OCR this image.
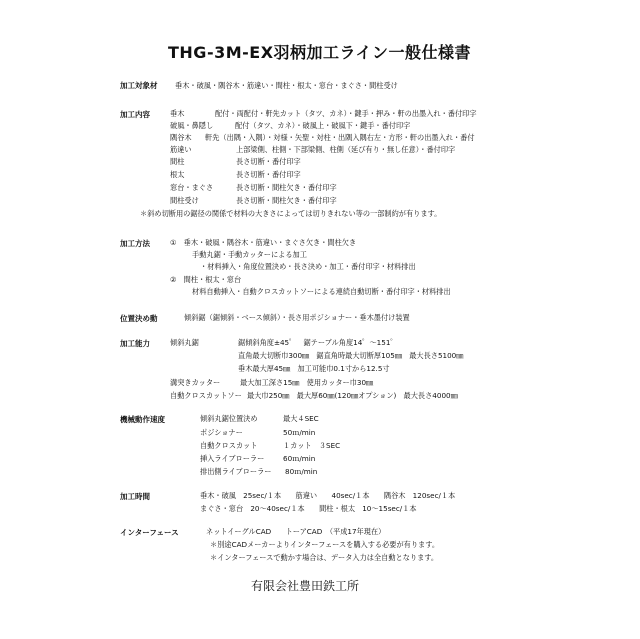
THG-3M-EX羽柄加工ライン一般仕様書
加工対象材 垂木・破風・隅谷木・筋違い・間柱・根太・窓台・まぐさ・間柱受け
加工内容	垂木	配付・両配付・軒先カット（タツ、カネ）・鍵手・押み・軒の出墨入れ・番付印字
破風・鼻隠し	配付（タツ、カネ）・破風上・破風下・鍵手・番付印字
隅谷木 軒先（出隅・入隅）・対様・矢聖・対柱・出隅入隅右左・方形・軒の出墨入れ・番付
筋違い	上部梁側、柱側・下部梁側、柱側（延び有り・無し任意）・番付印字
間柱	長さ切断・番付印字
根太	長さ切断・番付印字
窓台・まぐさ	長さ切断・間柱欠き・番付印字
間柱受け	長さ切断・間柱欠き・番付印字
＊斜め切断用の鋸径の関係で材料の大きさによっては切りきれない等の一部制約が有ります。
加工方法	①　垂木・破風・隅谷木・筋違い・まぐさ欠き・間柱欠き
手動丸鋸・手動カッターによる加工
・材料挿入・角度位置決め・長さ決め・加工・番付印字・材料排出
②　間柱・根太・窓台
材料自動挿入・自動クロスカットソーによる連続自動切断・番付印字・材料排出
位置決め動	傾斜鋸（鋸傾斜・ベース傾斜）・長さ用ポジショナー・垂木墨付け装置
加工能力	傾斜丸鋸	鋸傾斜角度±45゜　鋸テーブル角度14゜～151゜
直角最大切断巾300㎜　鋸直角時最大切断厚105㎜　最大長さ5100㎜
垂木最大厚45㎜　加工可能巾0.1寸から12.5寸
溝突きカッター	最大加工深さ15㎜　使用カッター巾30㎜
自動クロスカットソー 最大巾250㎜　最大厚60㎜(120㎜オプション)　最大長さ4000㎜
機械動作速度	傾斜丸鋸位置決め	最大４SEC
ポジショナー	50ｍ/min
自動クロスカット	１カット　３SEC
挿入ライブローラー	60ｍ/min
排出側ライブローラー 80ｍ/min
加工時間	垂木・破風　25sec/１本　　筋違い　　40sec/１本　　隅谷木　120sec/１本
まぐさ・窓台　20～40sec/１本　　間柱・根太　10～15sec/１本
インターフェース	ネットイーグルCAD　　トーアCAD　（平成17年現在）
＊別途CADメーカーよりインターフェースを購入する必要が有ります。
＊インターフェースで動かす場合は、データ入力は全自動となります。
有限会社豊田鉄工所
